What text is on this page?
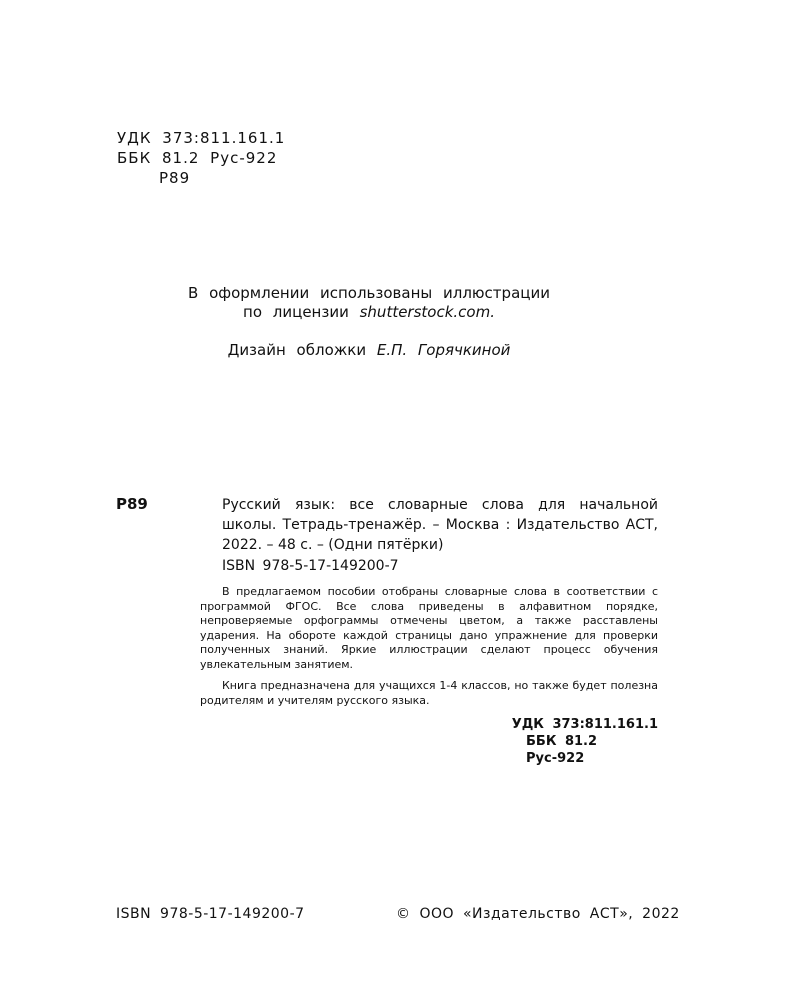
УДК 373:811.161.1
ББК 81.2 Рус-922
Р89
В оформлении использованы иллюстрации
по лицензии shutterstock.com.
Дизайн обложки Е.П. Горячкиной
Р89	Русский язык: все словарные слова для начальной школы. Тетрадь-тренажёр. – Москва : Издательство АСТ, 2022. – 48 с. – (Одни пятёрки)
ISBN 978-5-17-149200-7

В предлагаемом пособии отобраны словарные слова в соответствии с программой ФГОС. Все слова приведены в алфавитном порядке, непроверяемые орфограммы отмечены цветом, а также расставлены ударения. На обороте каждой страницы дано упражнение для проверки полученных знаний. Яркие иллюстрации сделают процесс обучения увлекательным занятием.

Книга предназначена для учащихся 1-4 классов, но также будет полезна родителям и учителям русского языка.

УДК 373:811.161.1
ББК 81.2 Рус-922
ISBN 978-5-17-149200-7	© ООО «Издательство АСТ», 2022
